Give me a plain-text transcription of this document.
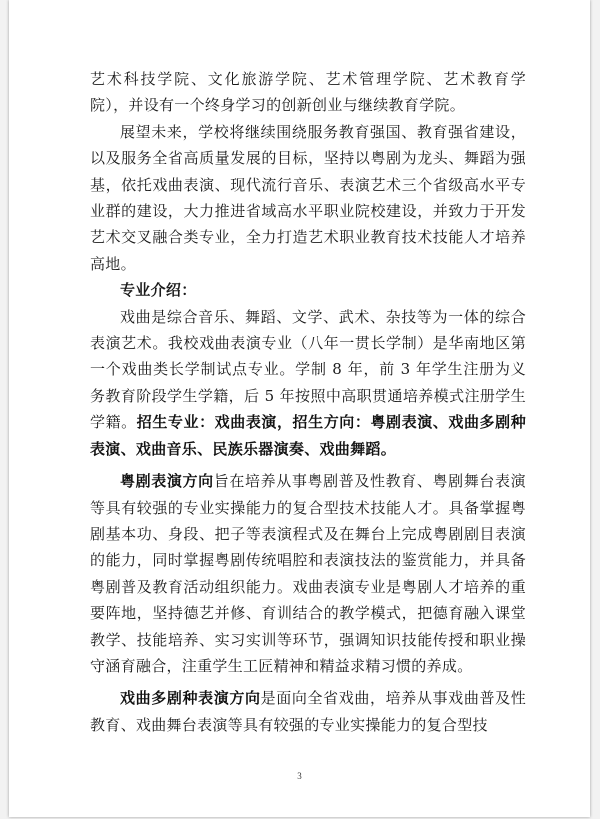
艺术科技学院、文化旅游学院、艺术管理学院、艺术教育学院），并设有一个终身学习的创新创业与继续教育学院。

展望未来，学校将继续围绕服务教育强国、教育强省建设，以及服务全省高质量发展的目标，坚持以粤剧为龙头、舞蹈为强基，依托戏曲表演、现代流行音乐、表演艺术三个省级高水平专业群的建设，大力推进省域高水平职业院校建设，并致力于开发艺术交叉融合类专业，全力打造艺术职业教育技术技能人才培养高地。

专业介绍：

戏曲是综合音乐、舞蹈、文学、武术、杂技等为一体的综合表演艺术。我校戏曲表演专业（八年一贯长学制）是华南地区第一个戏曲类长学制试点专业。学制 8 年，前 3 年学生注册为义务教育阶段学生学籍，后 5 年按照中高职贯通培养模式注册学生学籍。招生专业：戏曲表演，招生方向：粤剧表演、戏曲多剧种表演、戏曲音乐、民族乐器演奏、戏曲舞蹈。

粤剧表演方向旨在培养从事粤剧普及性教育、粤剧舞台表演等具有较强的专业实操能力的复合型技术技能人才。具备掌握粤剧基本功、身段、把子等表演程式及在舞台上完成粤剧剧目表演的能力，同时掌握粤剧传统唱腔和表演技法的鉴赏能力，并具备粤剧普及教育活动组织能力。戏曲表演专业是粤剧人才培养的重要阵地，坚持德艺并修、育训结合的教学模式，把德育融入课堂教学、技能培养、实习实训等环节，强调知识技能传授和职业操守涵育融合，注重学生工匠精神和精益求精习惯的养成。

戏曲多剧种表演方向是面向全省戏曲，培养从事戏曲普及性教育、戏曲舞台表演等具有较强的专业实操能力的复合型技

3
